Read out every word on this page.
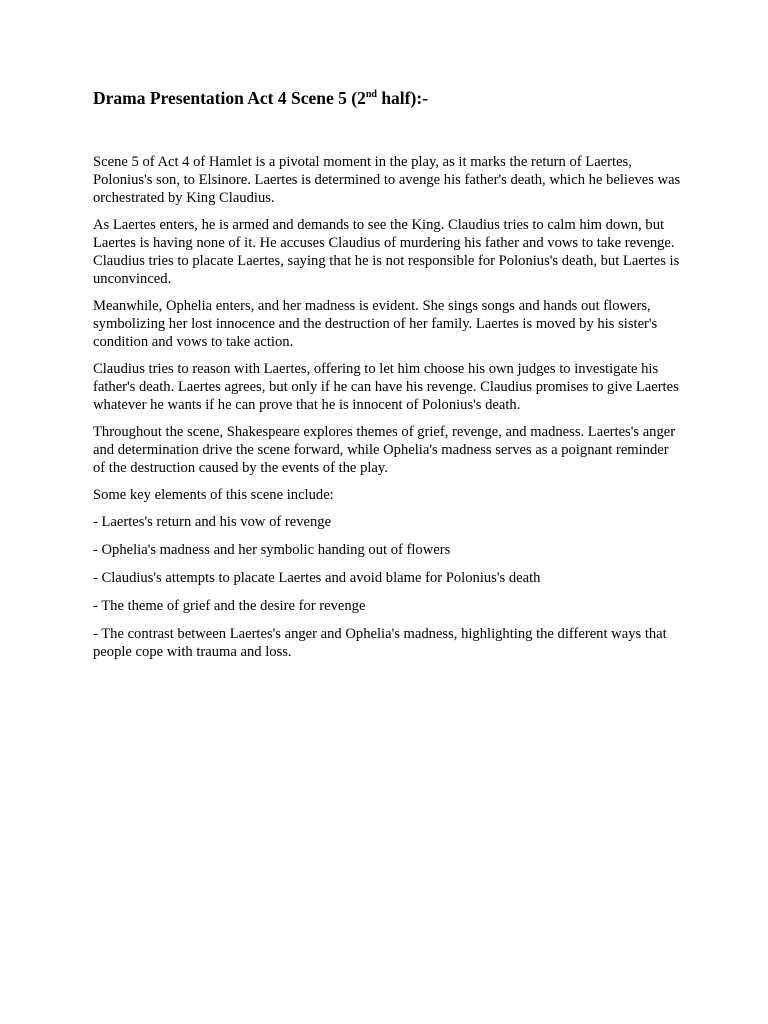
Drama Presentation Act 4 Scene 5 (2nd half):-

Scene 5 of Act 4 of Hamlet is a pivotal moment in the play, as it marks the return of Laertes, Polonius's son, to Elsinore. Laertes is determined to avenge his father's death, which he believes was orchestrated by King Claudius.

As Laertes enters, he is armed and demands to see the King. Claudius tries to calm him down, but Laertes is having none of it. He accuses Claudius of murdering his father and vows to take revenge. Claudius tries to placate Laertes, saying that he is not responsible for Polonius's death, but Laertes is unconvinced.

Meanwhile, Ophelia enters, and her madness is evident. She sings songs and hands out flowers, symbolizing her lost innocence and the destruction of her family. Laertes is moved by his sister's condition and vows to take action.

Claudius tries to reason with Laertes, offering to let him choose his own judges to investigate his father's death. Laertes agrees, but only if he can have his revenge. Claudius promises to give Laertes whatever he wants if he can prove that he is innocent of Polonius's death.

Throughout the scene, Shakespeare explores themes of grief, revenge, and madness. Laertes's anger and determination drive the scene forward, while Ophelia's madness serves as a poignant reminder of the destruction caused by the events of the play.

Some key elements of this scene include:

- Laertes's return and his vow of revenge
- Ophelia's madness and her symbolic handing out of flowers
- Claudius's attempts to placate Laertes and avoid blame for Polonius's death
- The theme of grief and the desire for revenge
- The contrast between Laertes's anger and Ophelia's madness, highlighting the different ways that people cope with trauma and loss.
